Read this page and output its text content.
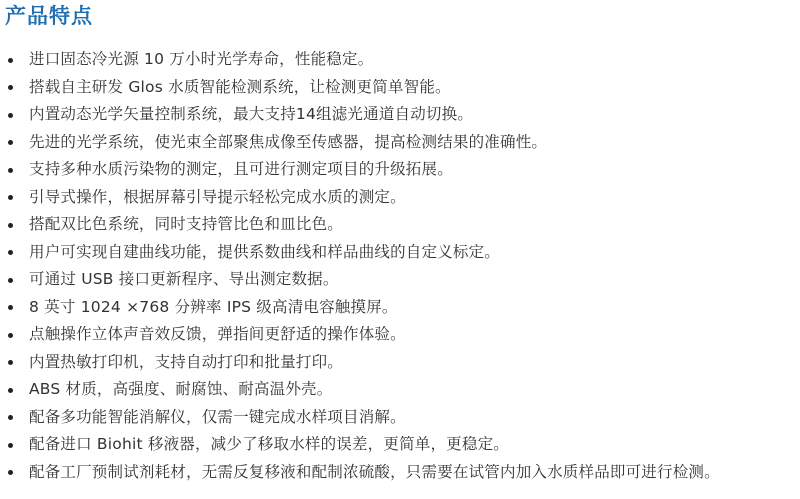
产品特点
进口固态冷光源 10 万小时光学寿命，性能稳定。
搭载自主研发 Glos 水质智能检测系统，让检测更简单智能。
内置动态光学矢量控制系统，最大支持14组滤光通道自动切换。
先进的光学系统，使光束全部聚焦成像至传感器，提高检测结果的准确性。
支持多种水质污染物的测定，且可进行测定项目的升级拓展。
引导式操作，根据屏幕引导提示轻松完成水质的测定。
搭配双比色系统，同时支持管比色和皿比色。
用户可实现自建曲线功能，提供系数曲线和样品曲线的自定义标定。
可通过 USB 接口更新程序、导出测定数据。
8 英寸 1024 ×768 分辨率 IPS 级高清电容触摸屏。
点触操作立体声音效反馈，弹指间更舒适的操作体验。
内置热敏打印机，支持自动打印和批量打印。
ABS 材质，高强度、耐腐蚀、耐高温外壳。
配备多功能智能消解仪，仅需一键完成水样项目消解。
配备进口 Biohit 移液器，减少了移取水样的误差，更简单，更稳定。
配备工厂预制试剂耗材，无需反复移液和配制浓硫酸，只需要在试管内加入水质样品即可进行检测。
